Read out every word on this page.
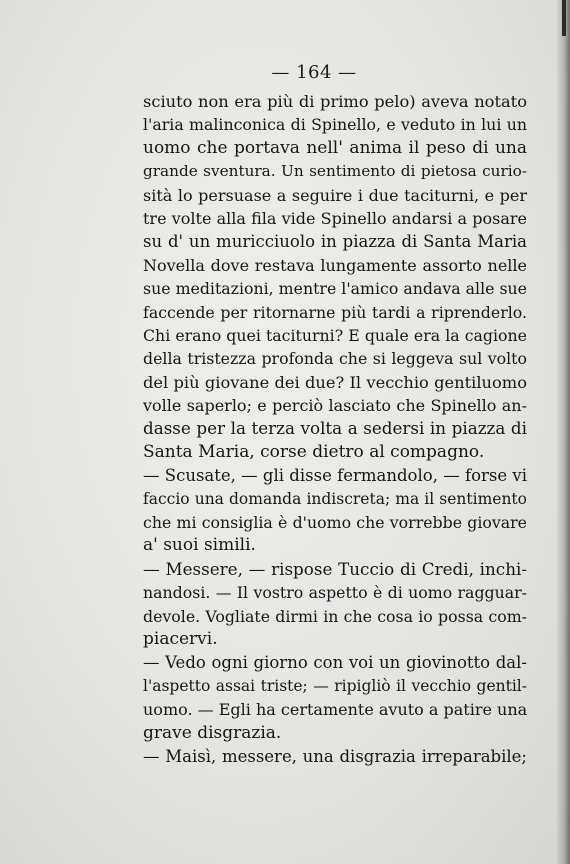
— 164 —
sciuto non era più di primo pelo) aveva notato
l'aria malinconica di Spinello, e veduto in lui un
uomo che portava nell' anima il peso di una
grande sventura. Un sentimento di pietosa curio-
sità lo persuase a seguire i due taciturni, e per
tre volte alla fila vide Spinello andarsi a posare
su d' un muricciuolo in piazza di Santa Maria
Novella dove restava lungamente assorto nelle
sue meditazioni, mentre l'amico andava alle sue
faccende per ritornarne più tardi a riprenderlo.
Chi erano quei taciturni? E quale era la cagione
della tristezza profonda che si leggeva sul volto
del più giovane dei due? Il vecchio gentiluomo
volle saperlo; e perciò lasciato che Spinello an-
dasse per la terza volta a sedersi in piazza di
Santa Maria, corse dietro al compagno.
— Scusate, — gli disse fermandolo, — forse vi
faccio una domanda indiscreta; ma il sentimento
che mi consiglia è d'uomo che vorrebbe giovare
a' suoi simili.
— Messere, — rispose Tuccio di Credi, inchi-
nandosi. — Il vostro aspetto è di uomo ragguar-
devole. Vogliate dirmi in che cosa io possa com-
piacervi.
— Vedo ogni giorno con voi un giovinotto dal-
l'aspetto assai triste; — ripigliò il vecchio gentil-
uomo. — Egli ha certamente avuto a patire una
grave disgrazia.
— Maisì, messere, una disgrazia irreparabile;
